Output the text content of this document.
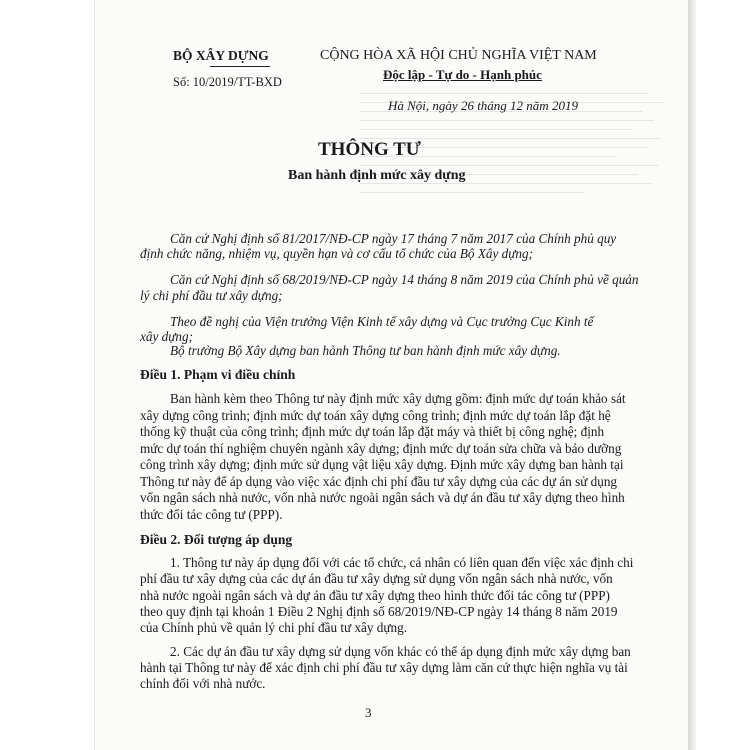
BỘ XÂY DỰNG
Số: 10/2019/TT-BXD
CỘNG HÒA XÃ HỘI CHỦ NGHĨA VIỆT NAM
Độc lập - Tự do - Hạnh phúc
Hà Nội, ngày 26 tháng 12 năm 2019
THÔNG TƯ
Ban hành định mức xây dựng
Căn cứ Nghị định số 81/2017/NĐ-CP ngày 17 tháng 7 năm 2017 của Chính phủ quy
định chức năng, nhiệm vụ, quyền hạn và cơ cấu tổ chức của Bộ Xây dựng;
Căn cứ Nghị định số 68/2019/NĐ-CP ngày 14 tháng 8 năm 2019 của Chính phủ về quản
lý chi phí đầu tư xây dựng;
Theo đề nghị của Viện trưởng Viện Kinh tế xây dựng và Cục trưởng Cục Kinh tế
xây dựng;
Bộ trưởng Bộ Xây dựng ban hành Thông tư ban hành định mức xây dựng.
Điều 1. Phạm vi điều chỉnh
Ban hành kèm theo Thông tư này định mức xây dựng gồm: định mức dự toán khảo sát
xây dựng công trình; định mức dự toán xây dựng công trình; định mức dự toán lắp đặt hệ
thống kỹ thuật của công trình; định mức dự toán lắp đặt máy và thiết bị công nghệ; định
mức dự toán thí nghiệm chuyên ngành xây dựng; định mức dự toán sửa chữa và bảo dưỡng
công trình xây dựng; định mức sử dụng vật liệu xây dựng. Định mức xây dựng ban hành tại
Thông tư này để áp dụng vào việc xác định chi phí đầu tư xây dựng của các dự án sử dụng
vốn ngân sách nhà nước, vốn nhà nước ngoài ngân sách và dự án đầu tư xây dựng theo hình
thức đối tác công tư (PPP).
Điều 2. Đối tượng áp dụng
1. Thông tư này áp dụng đối với các tổ chức, cá nhân có liên quan đến việc xác định chi
phí đầu tư xây dựng của các dự án đầu tư xây dựng sử dụng vốn ngân sách nhà nước, vốn
nhà nước ngoài ngân sách và dự án đầu tư xây dựng theo hình thức đối tác công tư (PPP)
theo quy định tại khoản 1 Điều 2 Nghị định số 68/2019/NĐ-CP ngày 14 tháng 8 năm 2019
của Chính phủ về quản lý chi phí đầu tư xây dựng.
2. Các dự án đầu tư xây dựng sử dụng vốn khác có thể áp dụng định mức xây dựng ban
hành tại Thông tư này để xác định chi phí đầu tư xây dựng làm căn cứ thực hiện nghĩa vụ tài
chính đối với nhà nước.
3
